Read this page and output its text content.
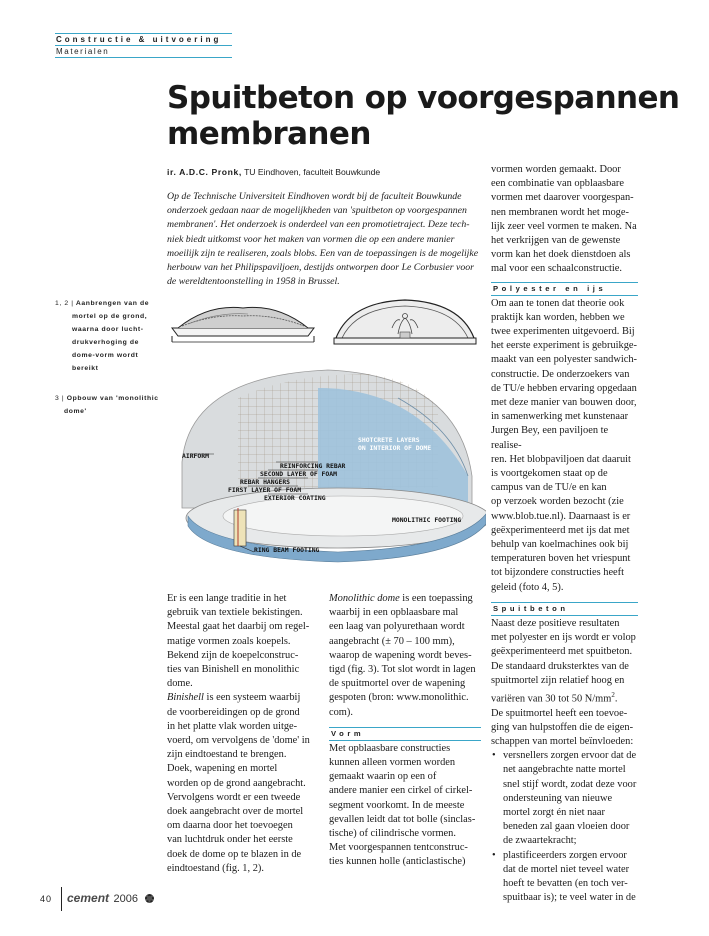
Constructie & uitvoering
Materialen
Spuitbeton op voorgespannen
membranen
ir. A.D.C. Pronk, TU Eindhoven, faculteit Bouwkunde
Op de Technische Universiteit Eindhoven wordt bij de faculteit Bouwkunde
onderzoek gedaan naar de mogelijkheden van 'spuitbeton op voorgespannen
membranen'. Het onderzoek is onderdeel van een promotietraject. Deze tech-
niek biedt uitkomst voor het maken van vormen die op een andere manier
moeilijk zijn te realiseren, zoals blobs. Een van de toepassingen is de mogelijke
herbouw van het Philipspaviljoen, destijds ontworpen door Le Corbusier voor
de wereldtentoonstelling in 1958 in Brussel.
1, 2 | Aanbrengen van de
mortel op de grond,
waarna door lucht-
drukverhoging de
dome-vorm wordt
bereikt
3 | Opbouw van 'monolithic
dome'
AIRFORM
REINFORCING REBAR
SECOND LAYER OF FOAM
REBAR HANGERS
FIRST LAYER OF FOAM
EXTERIOR COATING
SHOTCRETE LAYERS
ON INTERIOR OF DOME
MONOLITHIC FOOTING
RING BEAM FOOTING
Er is een lange traditie in het
gebruik van textiele bekistingen.
Meestal gaat het daarbij om regel-
matige vormen zoals koepels.
Bekend zijn de koepelconstruc-
ties van Binishell en monolithic
dome.
Binishell is een systeem waarbij
de voorbereidingen op de grond
in het platte vlak worden uitge-
voerd, om vervolgens de 'dome' in
zijn eindtoestand te brengen.
Doek, wapening en mortel
worden op de grond aangebracht.
Vervolgens wordt er een tweede
doek aangebracht over de mortel
om daarna door het toevoegen
van luchtdruk onder het eerste
doek de dome op te blazen in de
eindtoestand (fig. 1, 2).
Monolithic dome is een toepassing
waarbij in een opblaasbare mal
een laag van polyurethaan wordt
aangebracht (± 70 – 100 mm),
waarop de wapening wordt beves-
tigd (fig. 3). Tot slot wordt in lagen
de spuitmortel over de wapening
gespoten (bron: www.monolithic.
com).
Vorm
Met opblaasbare constructies
kunnen alleen vormen worden
gemaakt waarin op een of
andere manier een cirkel of cirkel-
segment voorkomt. In de meeste
gevallen leidt dat tot bolle (sinclas-
tische) of cilindrische vormen.
Met voorgespannen tentconstruc-
ties kunnen holle (anticlastische)
vormen worden gemaakt. Door
een combinatie van opblaasbare
vormen met daarover voorgespan-
nen membranen wordt het moge-
lijk zeer veel vormen te maken. Na
het verkrijgen van de gewenste
vorm kan het doek dienstdoen als
mal voor een schaalconstructie.
Polyester en ijs
Om aan te tonen dat theorie ook
praktijk kan worden, hebben we
twee experimenten uitgevoerd. Bij
het eerste experiment is gebruikge-
maakt van een polyester sandwich-
constructie. De onderzoekers van
de TU/e hebben ervaring opgedaan
met deze manier van bouwen door,
in samenwerking met kunstenaar
Jurgen Bey, een paviljoen te realise-
ren. Het blobpaviljoen dat daaruit
is voortgekomen staat op de
campus van de TU/e en kan
op verzoek worden bezocht (zie
www.blob.tue.nl). Daarnaast is er
geëxperimenteerd met ijs dat met
behulp van koelmachines ook bij
temperaturen boven het vriespunt
tot bijzondere constructies heeft
geleid (foto 4, 5).
Spuitbeton
Naast deze positieve resultaten
met polyester en ijs wordt er volop
geëxperimenteerd met spuitbeton.
De standaard druksterktes van de
spuitmortel zijn relatief hoog en
variëren van 30 tot 50 $N/mm^2$.
De spuitmortel heeft een toevoe-
ging van hulpstoffen die de eigen-
schappen van mortel beïnvloeden:
• versnellers zorgen ervoor dat de
net aangebrachte natte mortel
snel stijf wordt, zodat deze voor
ondersteuning van nieuwe
mortel zorgt én niet naar
beneden zal gaan vloeien door
de zwaartekracht;
• plastificeerders zorgen ervoor
dat de mortel niet teveel water
hoeft te bevatten (en toch ver-
spuitbaar is); te veel water in de
40 cement 2006
